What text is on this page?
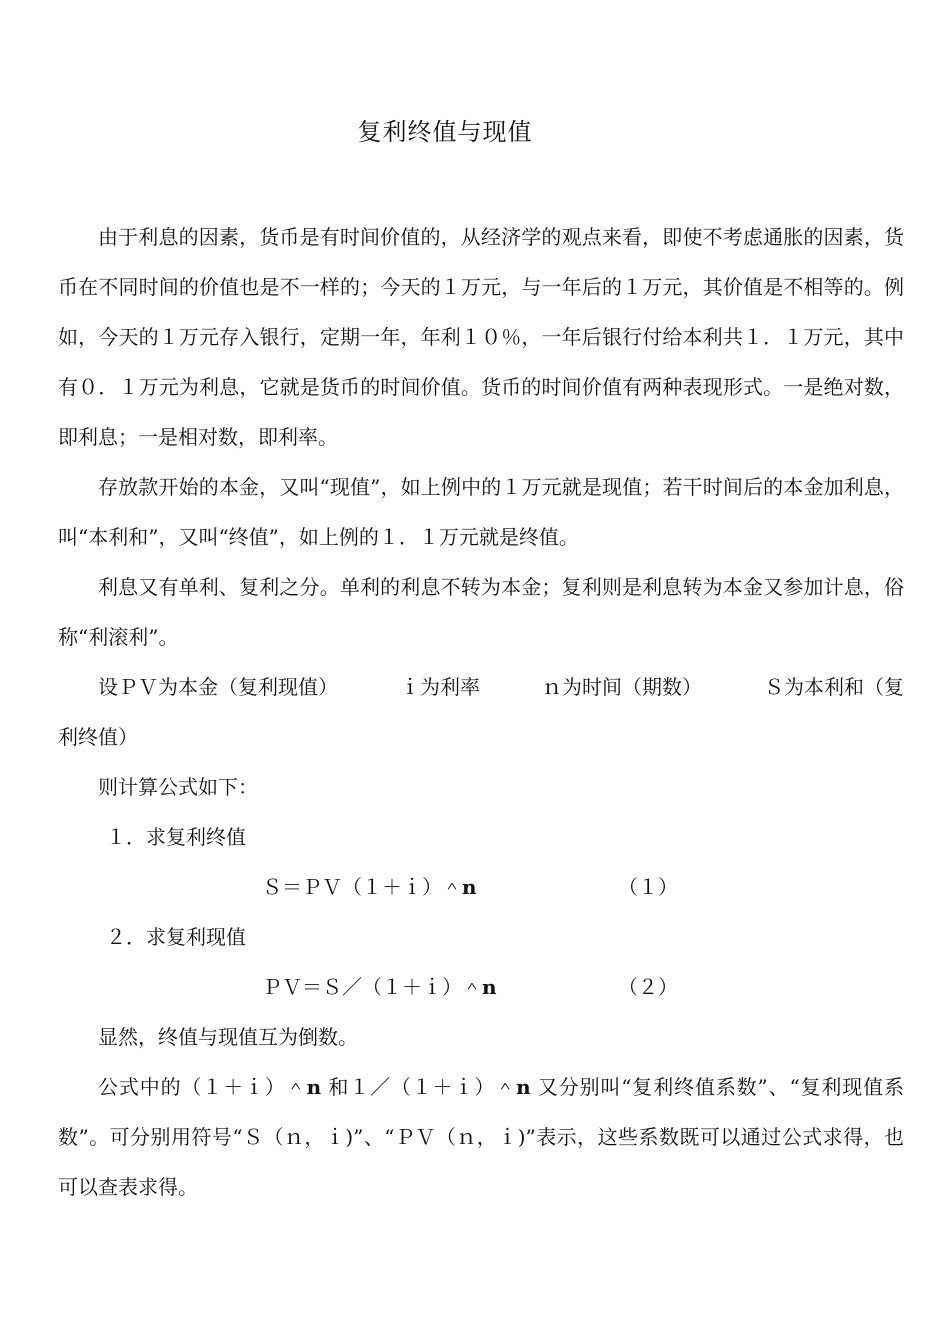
复利终值与现值

由于利息的因素，货币是有时间价值的，从经济学的观点来看，即使不考虑通胀的因素，货币在不同时间的价值也是不一样的；今天的１万元，与一年后的１万元，其价值是不相等的。例如，今天的１万元存入银行，定期一年，年利１０％，一年后银行付给本利共１．１万元，其中有０．１万元为利息，它就是货币的时间价值。货币的时间价值有两种表现形式。一是绝对数，即利息；一是相对数，即利率。

存放款开始的本金，又叫“现值”，如上例中的１万元就是现值；若干时间后的本金加利息，叫“本利和”，又叫“终值”，如上例的１．１万元就是终值。

利息又有单利、复利之分。单利的利息不转为本金；复利则是利息转为本金又参加计息，俗称“利滚利”。

设ＰＶ为本金（复利现值）	ｉ为利率	ｎ为时间（期数）	Ｓ为本利和（复

利终值）

则计算公式如下：

１．求复利终值

Ｓ＝ＰＶ（１＋ｉ）＾n	（１）

２．求复利现值

ＰＶ＝Ｓ／（１＋ｉ）＾n	（２）

显然，终值与现值互为倒数。

公式中的（１＋ｉ）＾n 和１／（１＋ｉ）＾n 又分别叫“复利终值系数”、“复利现值系数”。可分别用符号“Ｓ（ｎ，ｉ)”、“ＰＶ（ｎ，ｉ)”表示，这些系数既可以通过公式求得，也可以查表求得。
